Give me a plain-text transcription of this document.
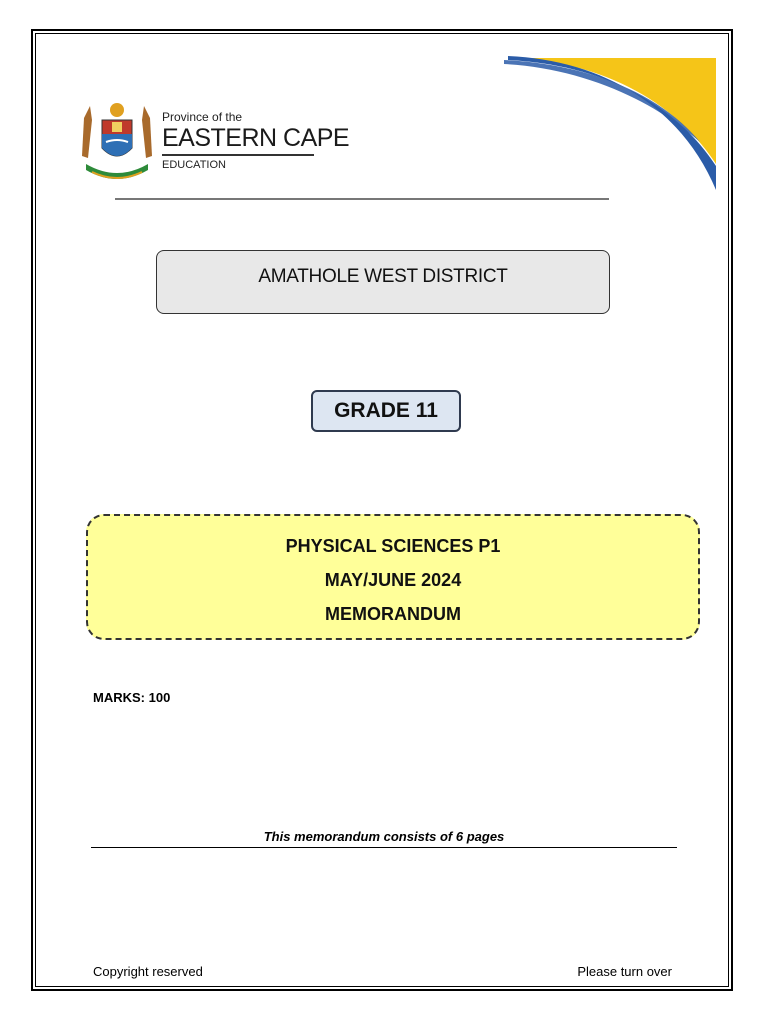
Province of the
EASTERN CAPE
EDUCATION
AMATHOLE WEST DISTRICT
GRADE 11
PHYSICAL SCIENCES P1
MAY/JUNE 2024
MEMORANDUM
MARKS: 100
This memorandum consists of 6 pages
Copyright reserved	Please turn over
